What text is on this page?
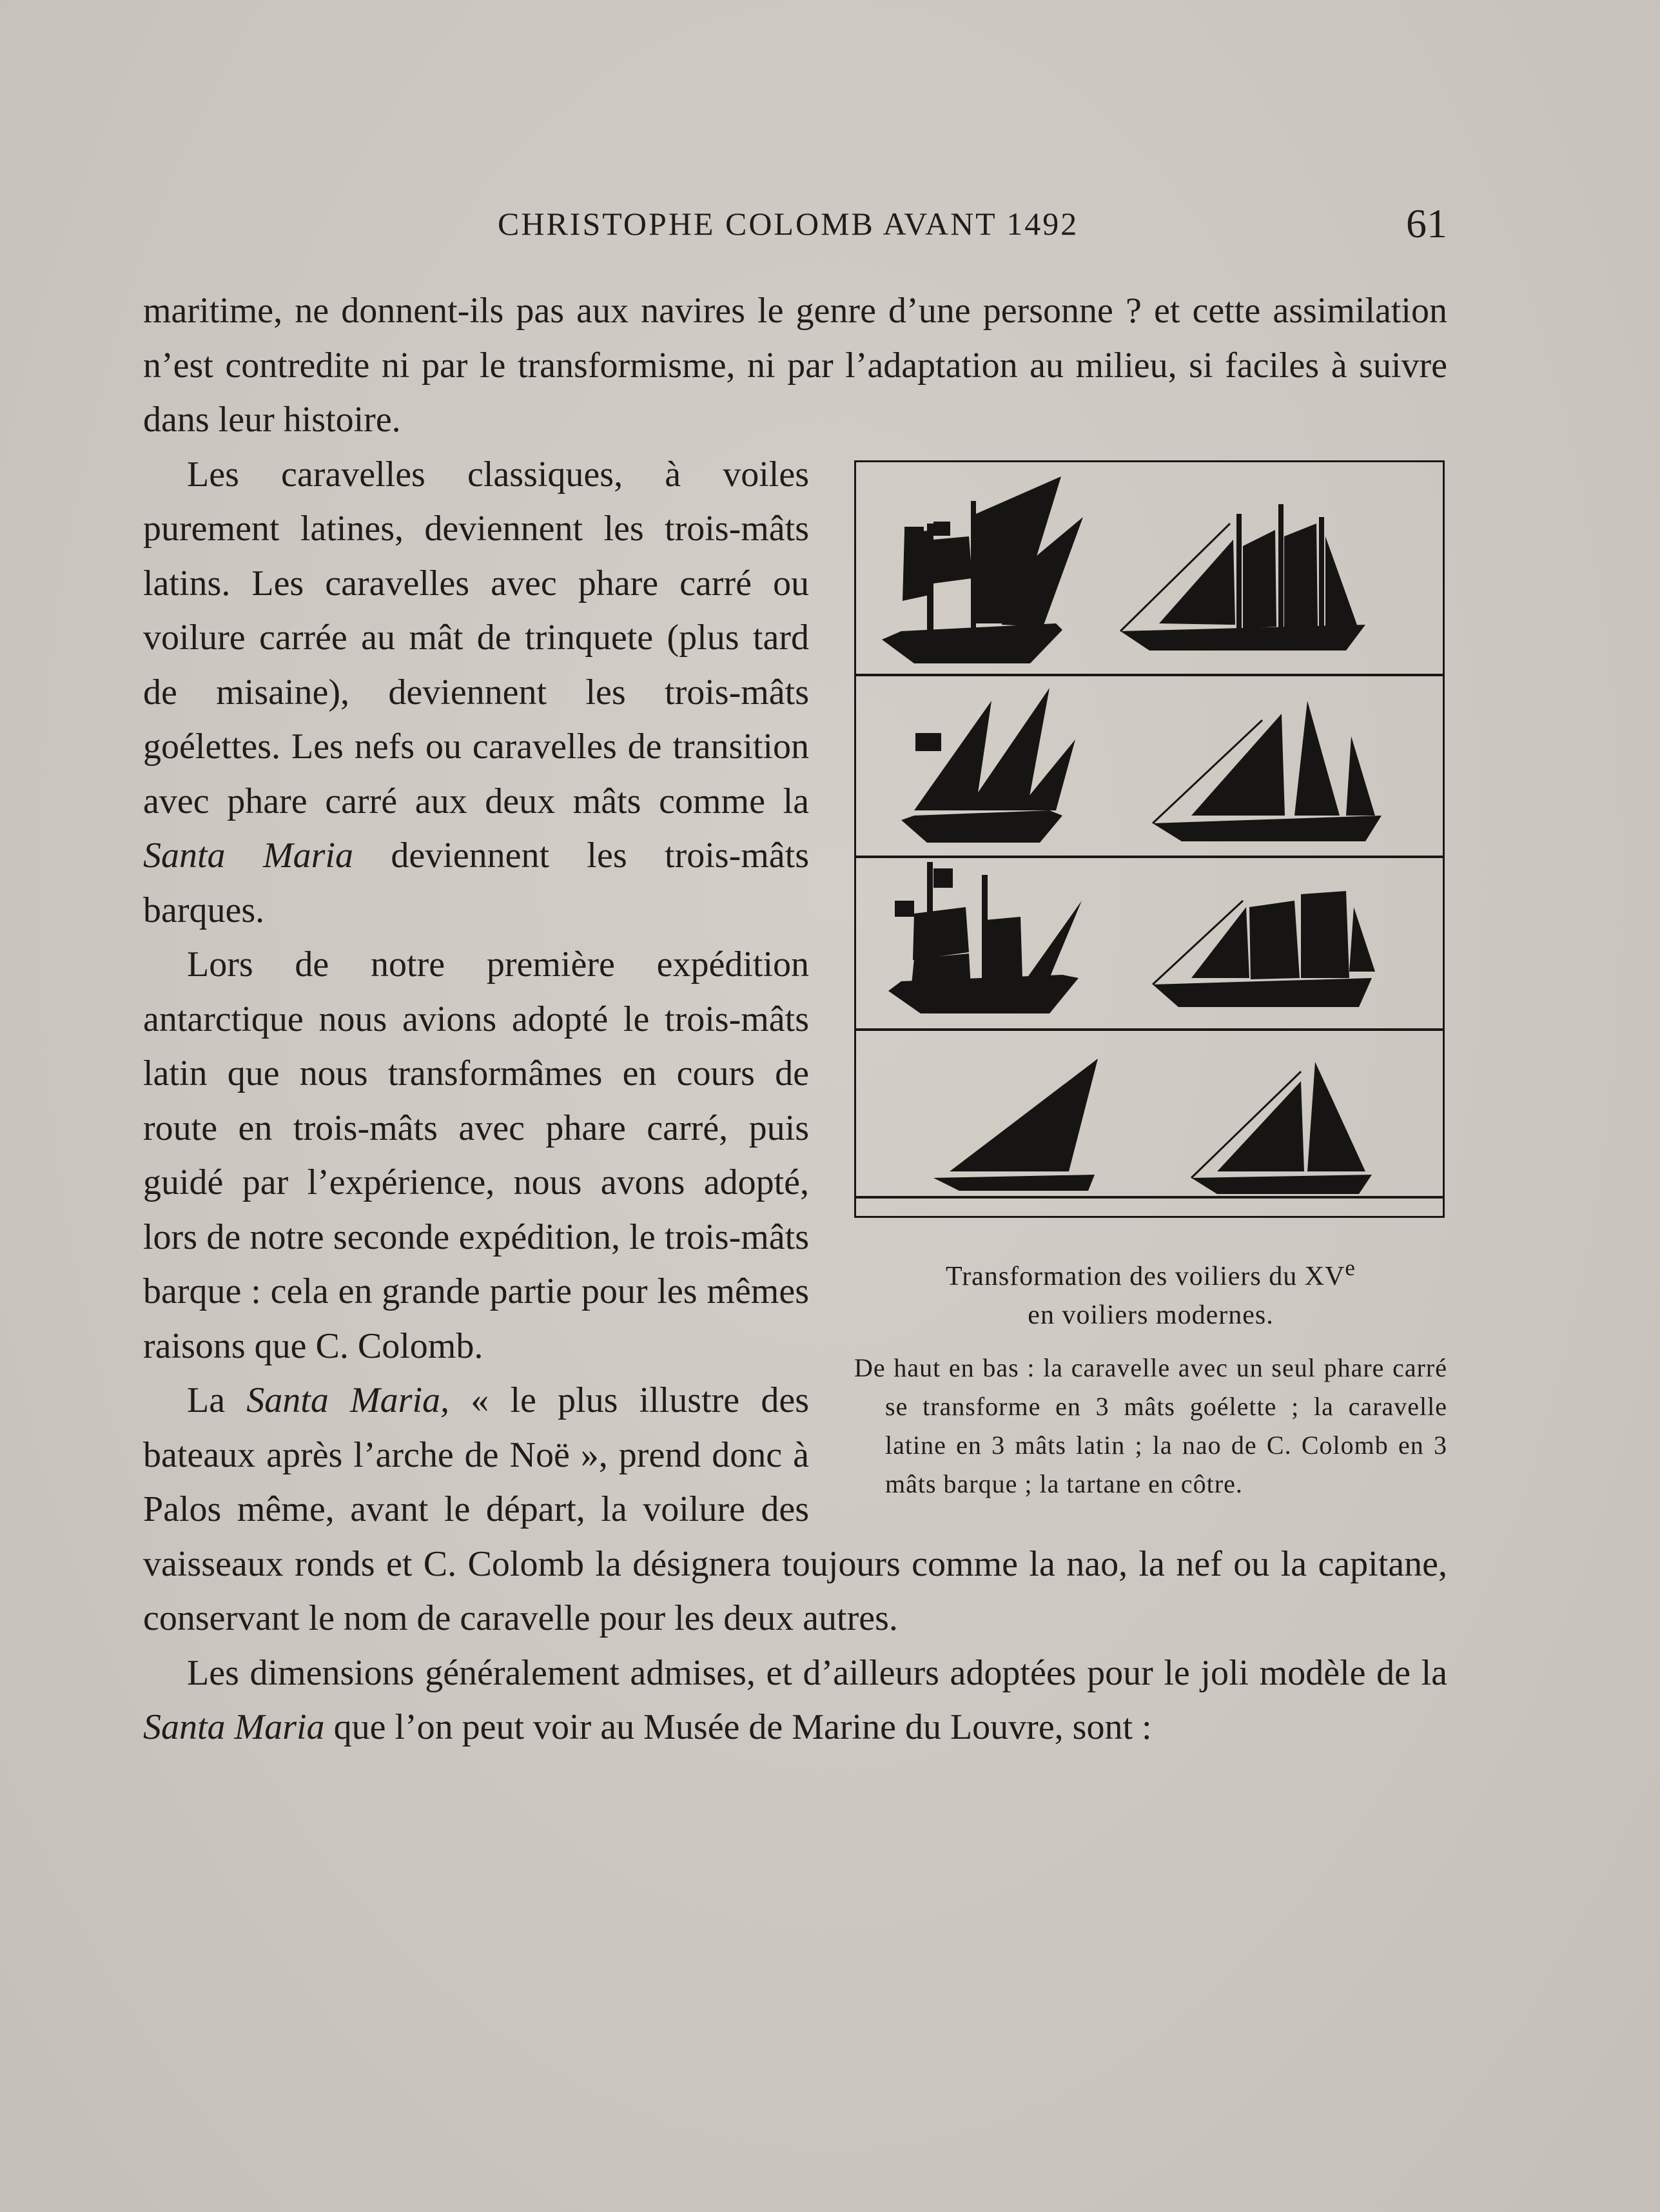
CHRISTOPHE COLOMB AVANT 1492	61

maritime, ne donnent-ils pas aux navires le genre d’une personne ? et cette assimilation n’est contredite ni par le transformisme, ni par l’adaptation au milieu, si faciles à suivre dans leur histoire.

Transformation des voiliers du XVe
en voiliers modernes.
De haut en bas : la caravelle avec un seul phare carré se transforme en 3 mâts goélette ; la caravelle latine en 3 mâts latin ; la nao de C. Colomb en 3 mâts barque ; la tartane en côtre.

Les caravelles classiques, à voiles purement latines, deviennent les trois-mâts latins. Les caravelles avec phare carré ou voilure carrée au mât de trinquete (plus tard de misaine), deviennent les trois-mâts goélettes. Les nefs ou caravelles de transition avec phare carré aux deux mâts comme la Santa Maria deviennent les trois-mâts barques.

Lors de notre première expédition antarctique nous avions adopté le trois-mâts latin que nous transformâmes en cours de route en trois-mâts avec phare carré, puis guidé par l’expérience, nous avons adopté, lors de notre seconde expédition, le trois-mâts barque : cela en grande partie pour les mêmes raisons que C. Colomb.

La Santa Maria, « le plus illustre des bateaux après l’arche de Noë », prend donc à Palos même, avant le départ, la voilure des vaisseaux ronds et C. Colomb la désignera toujours comme la nao, la nef ou la capitane, conservant le nom de caravelle pour les deux autres.

Les dimensions généralement admises, et d’ailleurs adoptées pour le joli modèle de la Santa Maria que l’on peut voir au Musée de Marine du Louvre, sont :
